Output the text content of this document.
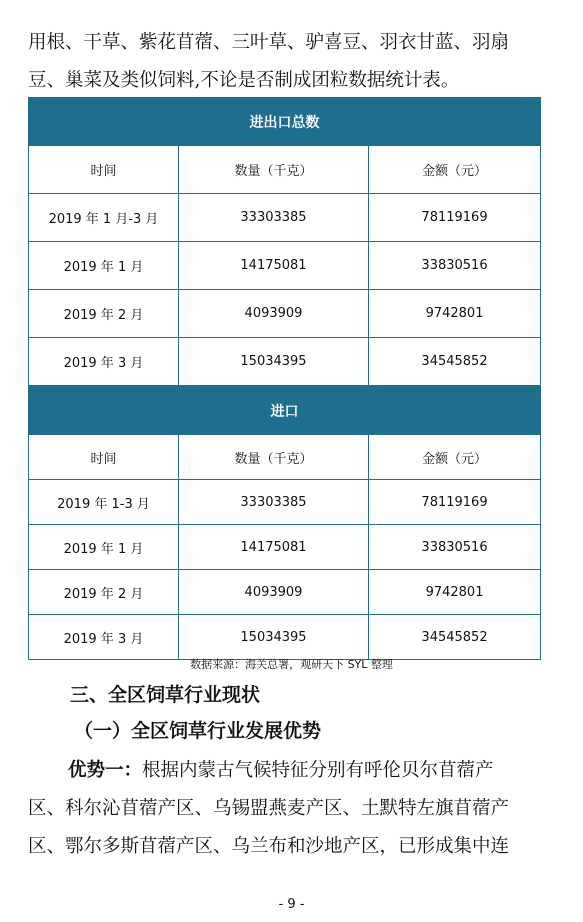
用根、干草、紫花苜蓿、三叶草、驴喜豆、羽衣甘蓝、羽扇

豆、巢菜及类似饲料,不论是否制成团粒数据统计表。

进出口总数		
时间	数量（千克）	金额（元）
2019 年 1 月-3 月	33303385	78119169
2019 年 1 月	14175081	33830516
2019 年 2 月	4093909	9742801
2019 年 3 月	15034395	34545852
进口		
时间	数量（千克）	金额（元）
2019 年 1-3 月	33303385	78119169
2019 年 1 月	14175081	33830516
2019 年 2 月	4093909	9742801
2019 年 3 月	15034395	34545852
数据来源：海关总署，观研天下 SYL 整理
三、全区饲草行业现状
（一）全区饲草行业发展优势

优势一：根据内蒙古气候特征分别有呼伦贝尔苜蓿产

区、科尔沁苜蓿产区、乌锡盟燕麦产区、土默特左旗苜蓿产

区、鄂尔多斯苜蓿产区、乌兰布和沙地产区，已形成集中连

- 9 -
